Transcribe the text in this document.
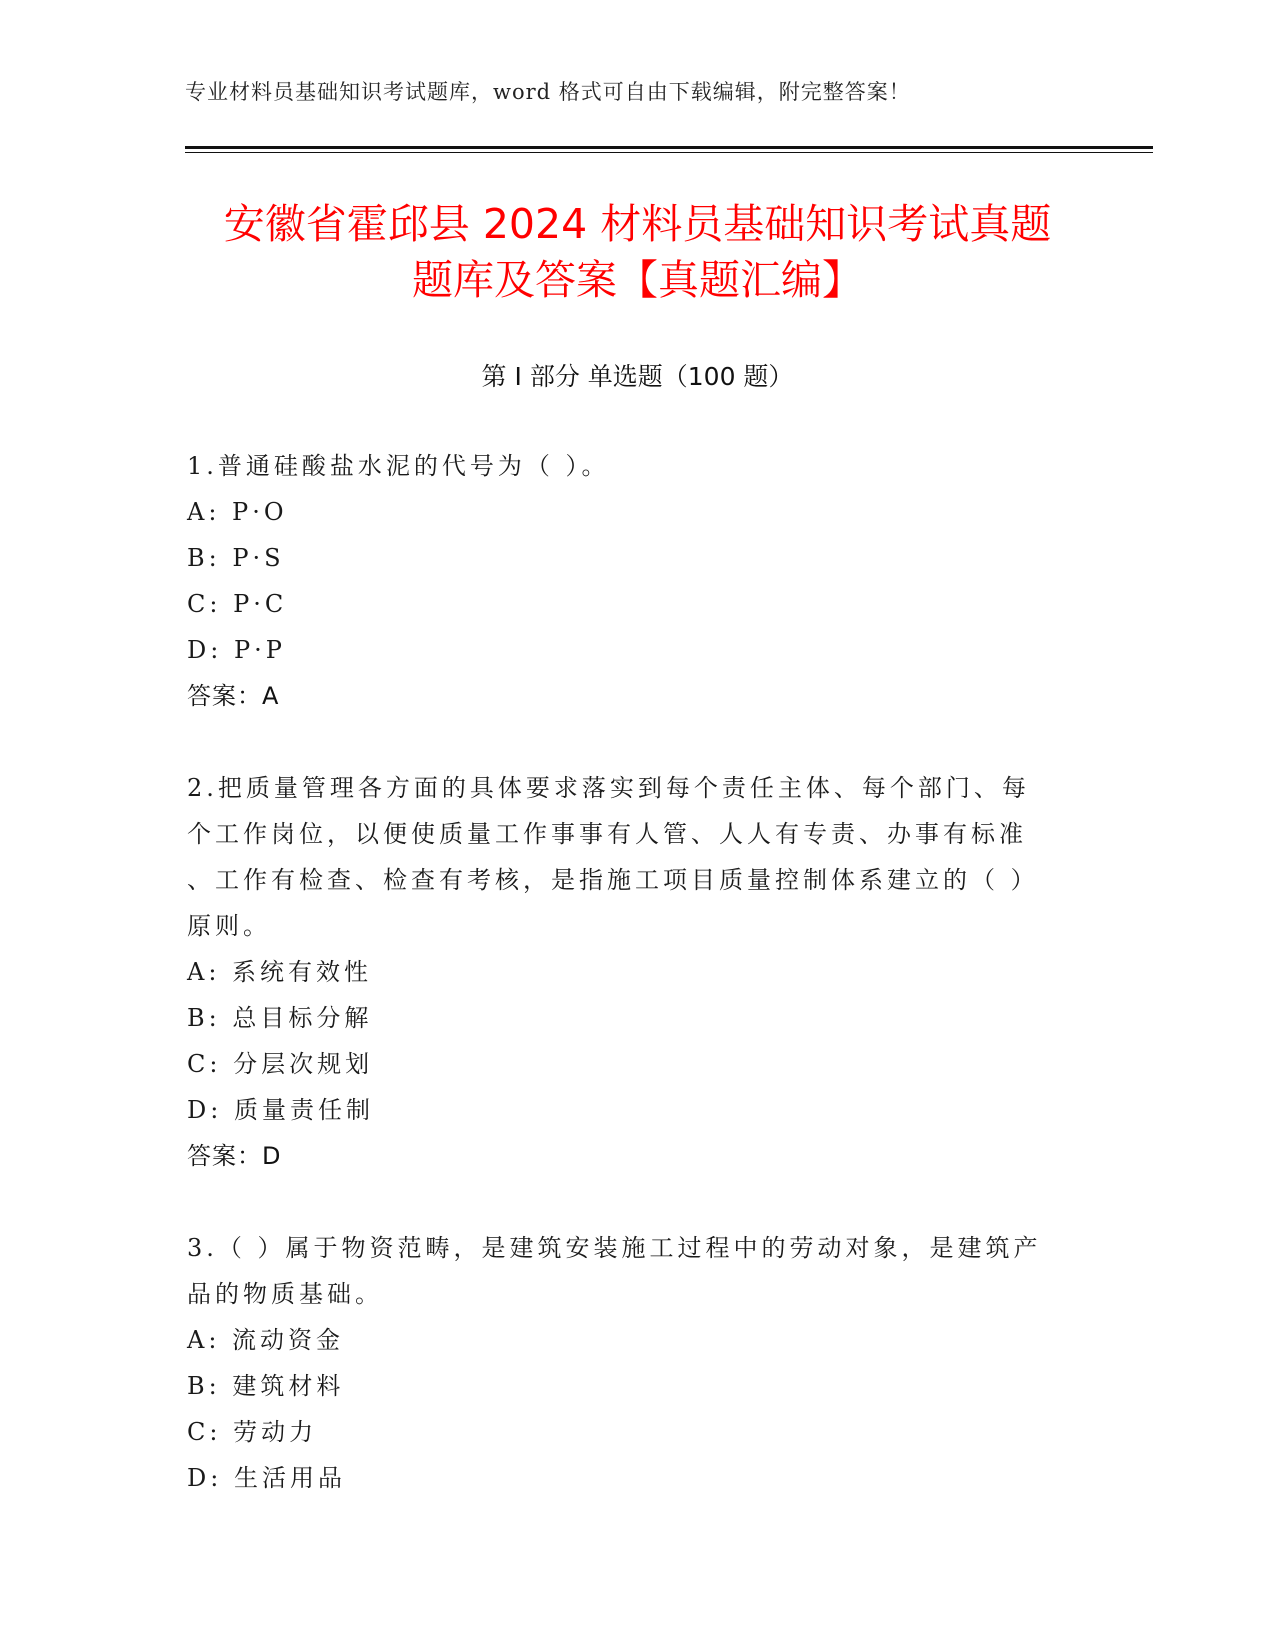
专业材料员基础知识考试题库，word 格式可自由下载编辑，附完整答案！
安徽省霍邱县 2024 材料员基础知识考试真题
题库及答案【真题汇编】
第 I 部分 单选题（100 题）

1.普通硅酸盐水泥的代号为（ ）。

A: P·O

B: P·S

C: P·C

D: P·P

答案：A

2.把质量管理各方面的具体要求落实到每个责任主体、每个部门、每

个工作岗位，以便使质量工作事事有人管、人人有专责、办事有标准

、工作有检查、检查有考核，是指施工项目质量控制体系建立的（ ）

原则。

A: 系统有效性

B: 总目标分解

C: 分层次规划

D: 质量责任制

答案：D

3.（ ）属于物资范畴，是建筑安装施工过程中的劳动对象，是建筑产

品的物质基础。

A: 流动资金

B: 建筑材料

C: 劳动力

D: 生活用品
